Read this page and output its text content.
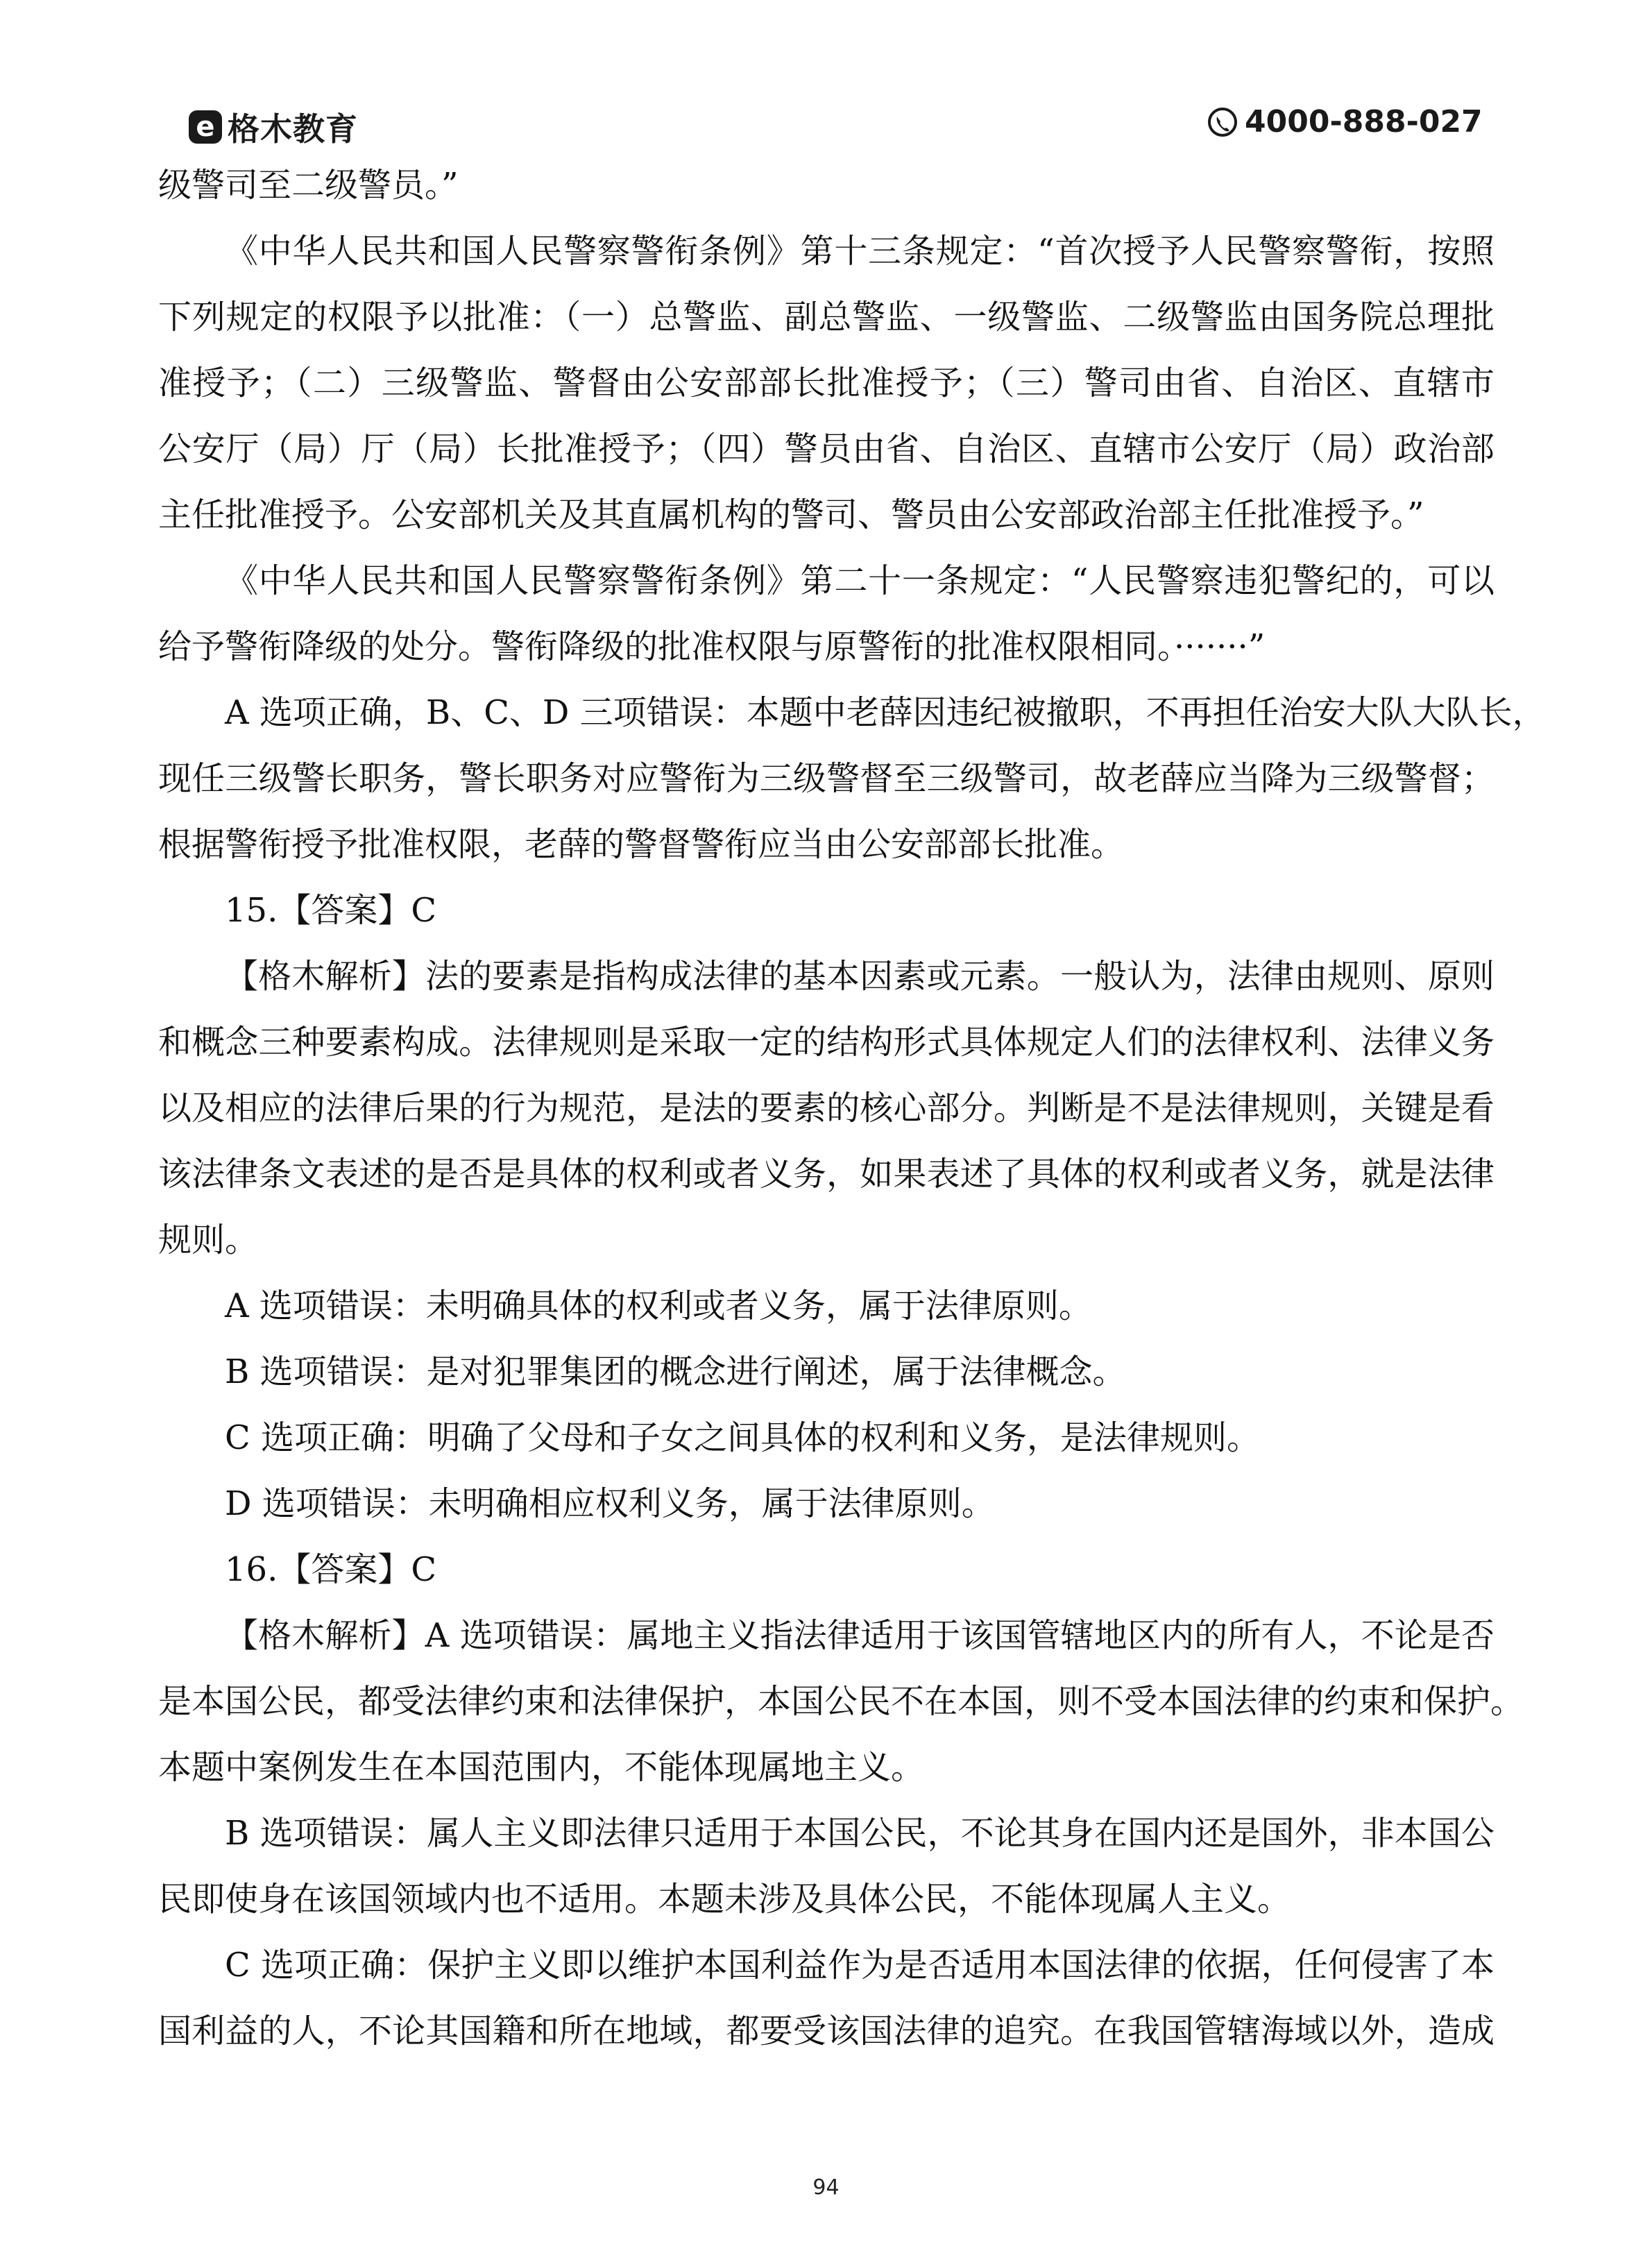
e 格木教育	4000-888-027
级警司至二级警员。”
《中华人民共和国人民警察警衔条例》第十三条规定：“首次授予人民警察警衔，按照
下列规定的权限予以批准：（一）总警监、副总警监、一级警监、二级警监由国务院总理批
准授予；（二）三级警监、警督由公安部部长批准授予；（三）警司由省、自治区、直辖市
公安厅（局）厅（局）长批准授予；（四）警员由省、自治区、直辖市公安厅（局）政治部
主任批准授予。公安部机关及其直属机构的警司、警员由公安部政治部主任批准授予。”
《中华人民共和国人民警察警衔条例》第二十一条规定：“人民警察违犯警纪的，可以
给予警衔降级的处分。警衔降级的批准权限与原警衔的批准权限相同。·······”
A 选项正确，B、C、D 三项错误：本题中老薛因违纪被撤职，不再担任治安大队大队长，
现任三级警长职务，警长职务对应警衔为三级警督至三级警司，故老薛应当降为三级警督；
根据警衔授予批准权限，老薛的警督警衔应当由公安部部长批准。
15.【答案】C
【格木解析】法的要素是指构成法律的基本因素或元素。一般认为，法律由规则、原则
和概念三种要素构成。法律规则是采取一定的结构形式具体规定人们的法律权利、法律义务
以及相应的法律后果的行为规范，是法的要素的核心部分。判断是不是法律规则，关键是看
该法律条文表述的是否是具体的权利或者义务，如果表述了具体的权利或者义务，就是法律
规则。
A 选项错误：未明确具体的权利或者义务，属于法律原则。
B 选项错误：是对犯罪集团的概念进行阐述，属于法律概念。
C 选项正确：明确了父母和子女之间具体的权利和义务，是法律规则。
D 选项错误：未明确相应权利义务，属于法律原则。
16.【答案】C
【格木解析】A 选项错误：属地主义指法律适用于该国管辖地区内的所有人，不论是否
是本国公民，都受法律约束和法律保护，本国公民不在本国，则不受本国法律的约束和保护。
本题中案例发生在本国范围内，不能体现属地主义。
B 选项错误：属人主义即法律只适用于本国公民，不论其身在国内还是国外，非本国公
民即使身在该国领域内也不适用。本题未涉及具体公民，不能体现属人主义。
C 选项正确：保护主义即以维护本国利益作为是否适用本国法律的依据，任何侵害了本
国利益的人，不论其国籍和所在地域，都要受该国法律的追究。在我国管辖海域以外，造成
94
